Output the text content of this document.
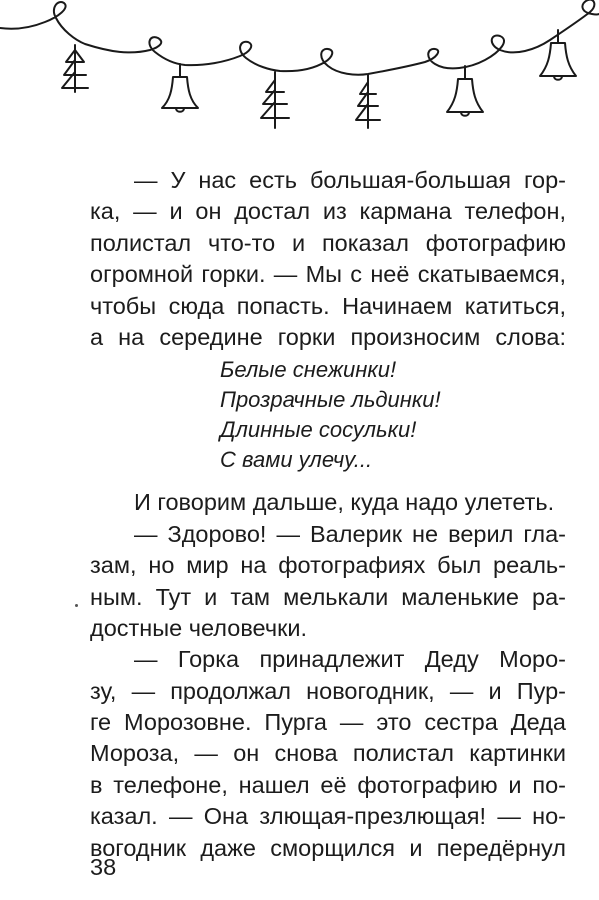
— У нас есть большая-большая гор-
ка, — и он достал из кармана телефон,
полистал что-то и показал фотографию
огромной горки. — Мы с неё скатываемся,
чтобы сюда попасть. Начинаем катиться,
а на середине горки произносим слова:
Белые снежинки!
Прозрачные льдинки!
Длинные сосульки!
С вами улечу...
И говорим дальше, куда надо улететь.
— Здорово! — Валерик не верил гла-
зам, но мир на фотографиях был реаль-
ным. Тут и там мелькали маленькие ра-
достные человечки.
— Горка принадлежит Деду Моро-
зу, — продолжал новогодник, — и Пур-
ге Морозовне. Пурга — это сестра Деда
Мороза, — он снова полистал картинки
в телефоне, нашел её фотографию и по-
казал. — Она злющая-презлющая! — но-
вогодник даже сморщился и передёрнул
38
